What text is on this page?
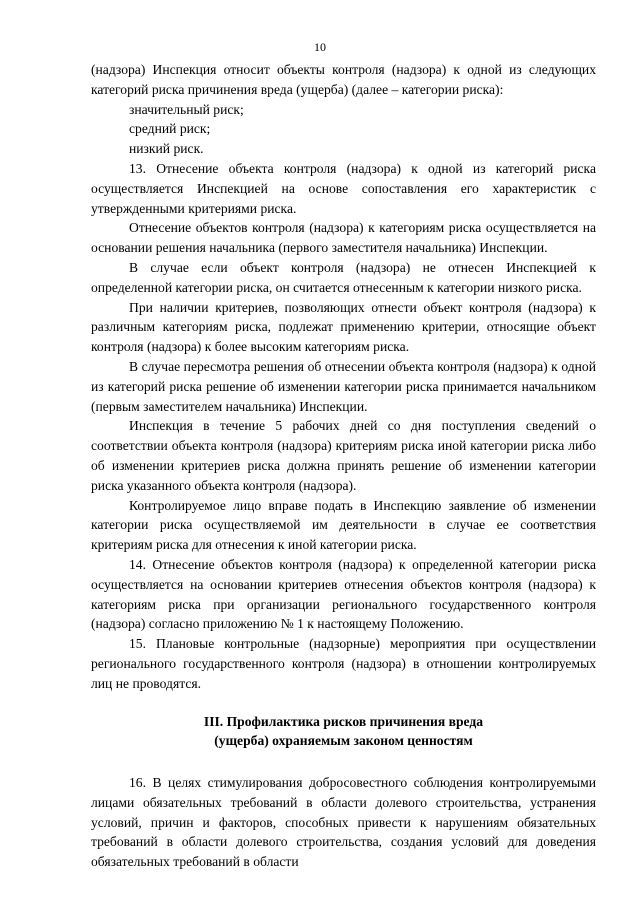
10

(надзора) Инспекция относит объекты контроля (надзора) к одной из следующих категорий риска причинения вреда (ущерба) (далее – категории риска):

значительный риск;

средний риск;

низкий риск.

13. Отнесение объекта контроля (надзора) к одной из категорий риска осуществляется Инспекцией на основе сопоставления его характеристик с утвержденными критериями риска.

Отнесение объектов контроля (надзора) к категориям риска осуществляется на основании решения начальника (первого заместителя начальника) Инспекции.

В случае если объект контроля (надзора) не отнесен Инспекцией к определенной категории риска, он считается отнесенным к категории низкого риска.

При наличии критериев, позволяющих отнести объект контроля (надзора) к различным категориям риска, подлежат применению критерии, относящие объект контроля (надзора) к более высоким категориям риска.

В случае пересмотра решения об отнесении объекта контроля (надзора) к одной из категорий риска решение об изменении категории риска принимается начальником (первым заместителем начальника) Инспекции.

Инспекция в течение 5 рабочих дней со дня поступления сведений о соответствии объекта контроля (надзора) критериям риска иной категории риска либо об изменении критериев риска должна принять решение об изменении категории риска указанного объекта контроля (надзора).

Контролируемое лицо вправе подать в Инспекцию заявление об изменении категории риска осуществляемой им деятельности в случае ее соответствия критериям риска для отнесения к иной категории риска.

14. Отнесение объектов контроля (надзора) к определенной категории риска осуществляется на основании критериев отнесения объектов контроля (надзора) к категориям риска при организации регионального государственного контроля (надзора) согласно приложению № 1 к настоящему Положению.

15. Плановые контрольные (надзорные) мероприятия при осуществлении регионального государственного контроля (надзора) в отношении контролируемых лиц не проводятся.

III. Профилактика рисков причинения вреда
(ущерба) охраняемым законом ценностям

16. В целях стимулирования добросовестного соблюдения контролируемыми лицами обязательных требований в области долевого строительства, устранения условий, причин и факторов, способных привести к нарушениям обязательных требований в области долевого строительства, создания условий для доведения обязательных требований в области
